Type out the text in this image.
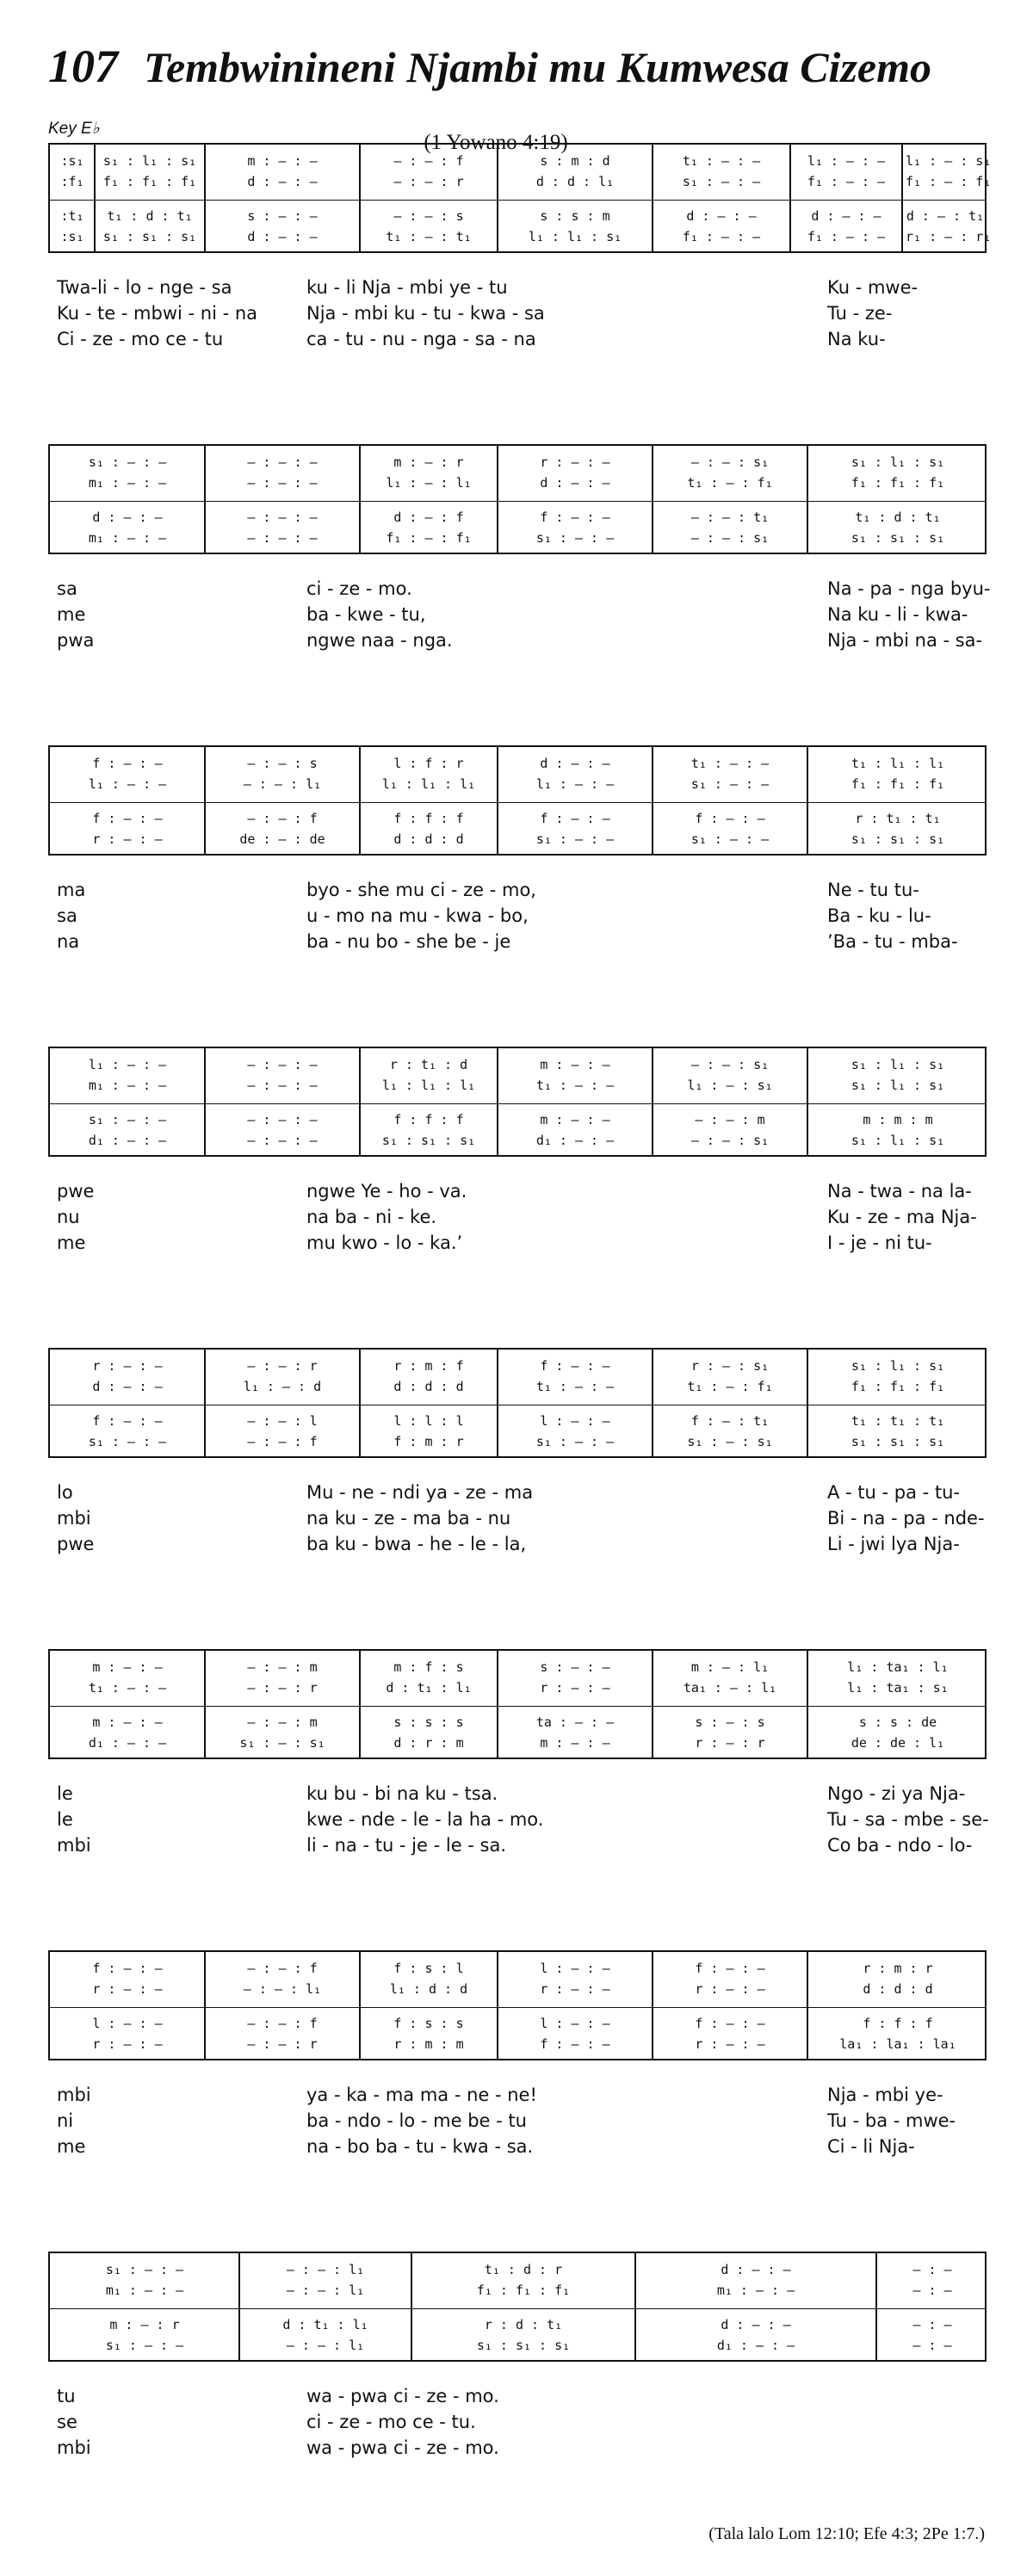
107 Tembwinineni Njambi mu Kumwesa Cizemo
(1 Yowano 4:19)
Key E♭
:s₁	s₁ : l₁ : s₁	m : — : —	— : — : f	s : m : d	t₁ : — : —	l₁ : — : —	l₁ : — : s₁
:f₁	f₁ : f₁ : f₁	d : — : —	— : — : r	d : d : l₁	s₁ : — : —	f₁ : — : —	f₁ : — : f₁
:t₁	t₁ : d : t₁	s : — : —	— : — : s	s : s : m	d : — : —	d : — : —	d : — : t₁
:s₁	s₁ : s₁ : s₁	d : — : —	t₁ : — : t₁	l₁ : l₁ : s₁	f₁ : — : —	f₁ : — : —	r₁ : — : r₁
Twa-li - lo - nge - sa	ku - li Nja - mbi ye - tu	Ku - mwe-
Ku - te - mbwi - ni - na	Nja - mbi ku - tu - kwa - sa	Tu - ze-
Ci - ze - mo ce - tu	ca - tu - nu - nga - sa - na	Na ku-
s₁ : — : —	— : — : —	m : — : r	r : — : —	— : — : s₁	s₁ : l₁ : s₁
m₁ : — : —	— : — : —	l₁ : — : l₁	d : — : —	t₁ : — : f₁	f₁ : f₁ : f₁
d : — : —	— : — : —	d : — : f	f : — : —	— : — : t₁	t₁ : d : t₁
m₁ : — : —	— : — : —	f₁ : — : f₁	s₁ : — : —	— : — : s₁	s₁ : s₁ : s₁
sa	ci - ze - mo.	Na - pa - nga byu-
me	ba - kwe - tu,	Na ku - li - kwa-
pwa	ngwe naa - nga.	Nja - mbi na - sa-
f : — : —	— : — : s	l : f : r	d : — : —	t₁ : — : —	t₁ : l₁ : l₁
l₁ : — : —	— : — : l₁	l₁ : l₁ : l₁	l₁ : — : —	s₁ : — : —	f₁ : f₁ : f₁
f : — : —	— : — : f	f : f : f	f : — : —	f : — : —	r : t₁ : t₁
r : — : —	de : — : de	d : d : d	s₁ : — : —	s₁ : — : —	s₁ : s₁ : s₁
ma	byo - she mu ci - ze - mo,	Ne - tu tu-
sa	u - mo na mu - kwa - bo,	Ba - ku - lu-
na	ba - nu bo - she be - je	’Ba - tu - mba-
l₁ : — : —	— : — : —	r : t₁ : d	m : — : —	— : — : s₁	s₁ : l₁ : s₁
m₁ : — : —	— : — : —	l₁ : l₁ : l₁	t₁ : — : —	l₁ : — : s₁	s₁ : l₁ : s₁
s₁ : — : —	— : — : —	f : f : f	m : — : —	— : — : m	m : m : m
d₁ : — : —	— : — : —	s₁ : s₁ : s₁	d₁ : — : —	— : — : s₁	s₁ : l₁ : s₁
pwe	ngwe Ye - ho - va.	Na - twa - na la-
nu	na ba - ni - ke.	Ku - ze - ma Nja-
me	mu kwo - lo - ka.’	I - je - ni tu-
r : — : —	— : — : r	r : m : f	f : — : —	r : — : s₁	s₁ : l₁ : s₁
d : — : —	l₁ : — : d	d : d : d	t₁ : — : —	t₁ : — : f₁	f₁ : f₁ : f₁
f : — : —	— : — : l	l : l : l	l : — : —	f : — : t₁	t₁ : t₁ : t₁
s₁ : — : —	— : — : f	f : m : r	s₁ : — : —	s₁ : — : s₁	s₁ : s₁ : s₁
lo	Mu - ne - ndi ya - ze - ma	A - tu - pa - tu-
mbi	na ku - ze - ma ba - nu	Bi - na - pa - nde-
pwe	ba ku - bwa - he - le - la,	Li - jwi lya Nja-
m : — : —	— : — : m	m : f : s	s : — : —	m : — : l₁	l₁ : ta₁ : l₁
t₁ : — : —	— : — : r	d : t₁ : l₁	r : — : —	ta₁ : — : l₁	l₁ : ta₁ : s₁
m : — : —	— : — : m	s : s : s	ta : — : —	s : — : s	s : s : de
d₁ : — : —	s₁ : — : s₁	d : r : m	m : — : —	r : — : r	de : de : l₁
le	ku bu - bi na ku - tsa.	Ngo - zi ya Nja-
le	kwe - nde - le - la ha - mo.	Tu - sa - mbe - se-
mbi	li - na - tu - je - le - sa.	Co ba - ndo - lo-
f : — : —	— : — : f	f : s : l	l : — : —	f : — : —	r : m : r
r : — : —	— : — : l₁	l₁ : d : d	r : — : —	r : — : —	d : d : d
l : — : —	— : — : f	f : s : s	l : — : —	f : — : —	f : f : f
r : — : —	— : — : r	r : m : m	f : — : —	r : — : —	la₁ : la₁ : la₁
mbi	ya - ka - ma ma - ne - ne!	Nja - mbi ye-
ni	ba - ndo - lo - me be - tu	Tu - ba - mwe-
me	na - bo ba - tu - kwa - sa.	Ci - li Nja-
s₁ : — : —	— : — : l₁	t₁ : d : r	d : — : —	— : —
m₁ : — : —	— : — : l₁	f₁ : f₁ : f₁	m₁ : — : —	— : —
m : — : r	d : t₁ : l₁	r : d : t₁	d : — : —	— : —
s₁ : — : —	— : — : l₁	s₁ : s₁ : s₁	d₁ : — : —	— : —
tu	wa - pwa ci - ze - mo.
se	ci - ze - mo ce - tu.
mbi	wa - pwa ci - ze - mo.
(Tala lalo Lom 12:10; Efe 4:3; 2Pe 1:7.)
